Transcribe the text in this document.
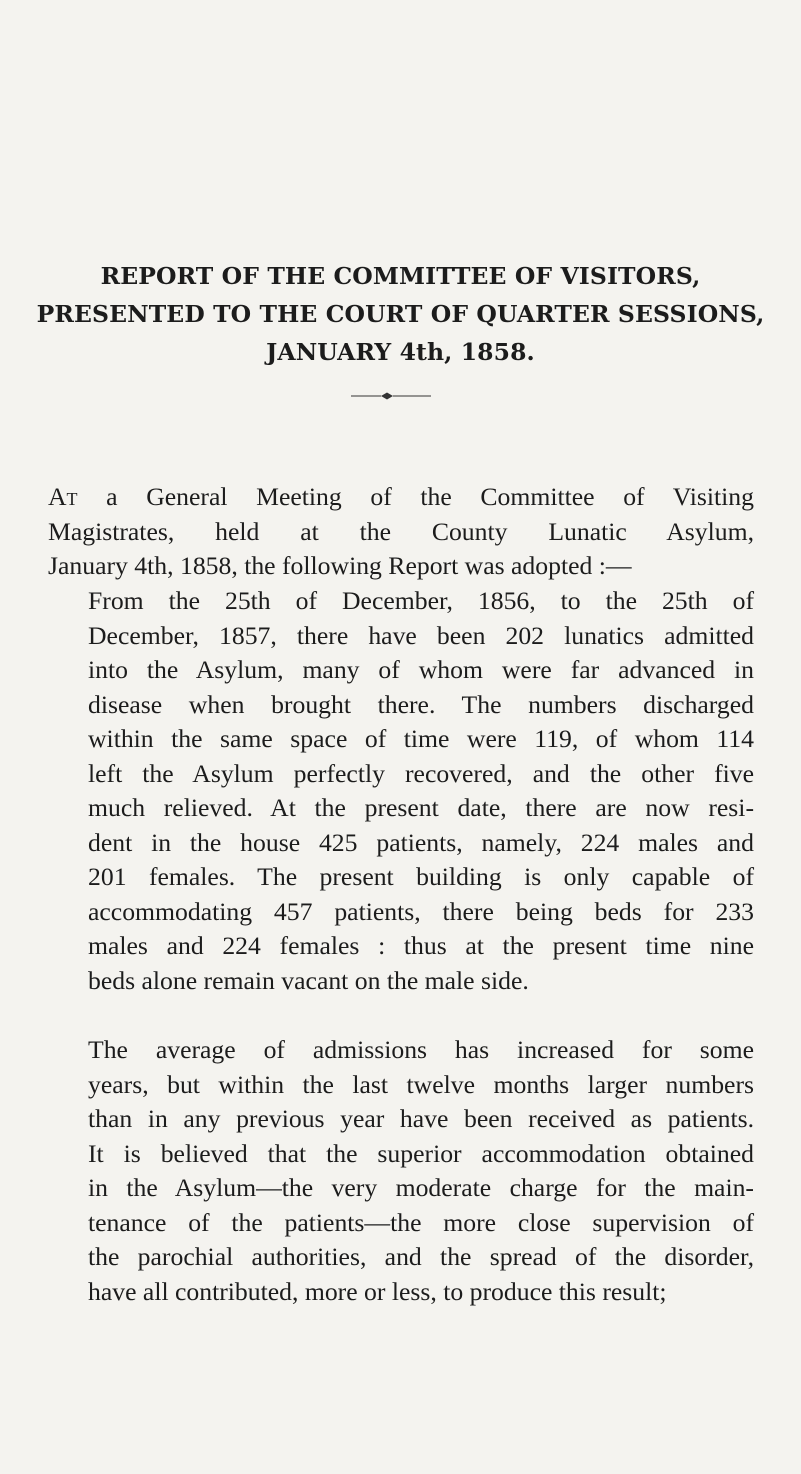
REPORT OF THE COMMITTEE OF VISITORS,
PRESENTED TO THE COURT OF QUARTER SESSIONS,
JANUARY 4th, 1858.
At a General Meeting of the Committee of Visiting
Magistrates, held at the County Lunatic Asylum,
January 4th, 1858, the following Report was adopted :—
From the 25th of December, 1856, to the 25th of
December, 1857, there have been 202 lunatics admitted
into the Asylum, many of whom were far advanced in
disease when brought there. The numbers discharged
within the same space of time were 119, of whom 114
left the Asylum perfectly recovered, and the other five
much relieved. At the present date, there are now resi-
dent in the house 425 patients, namely, 224 males and
201 females. The present building is only capable of
accommodating 457 patients, there being beds for 233
males and 224 females : thus at the present time nine
beds alone remain vacant on the male side.
The average of admissions has increased for some
years, but within the last twelve months larger numbers
than in any previous year have been received as patients.
It is believed that the superior accommodation obtained
in the Asylum—the very moderate charge for the main-
tenance of the patients—the more close supervision of
the parochial authorities, and the spread of the disorder,
have all contributed, more or less, to produce this result;
